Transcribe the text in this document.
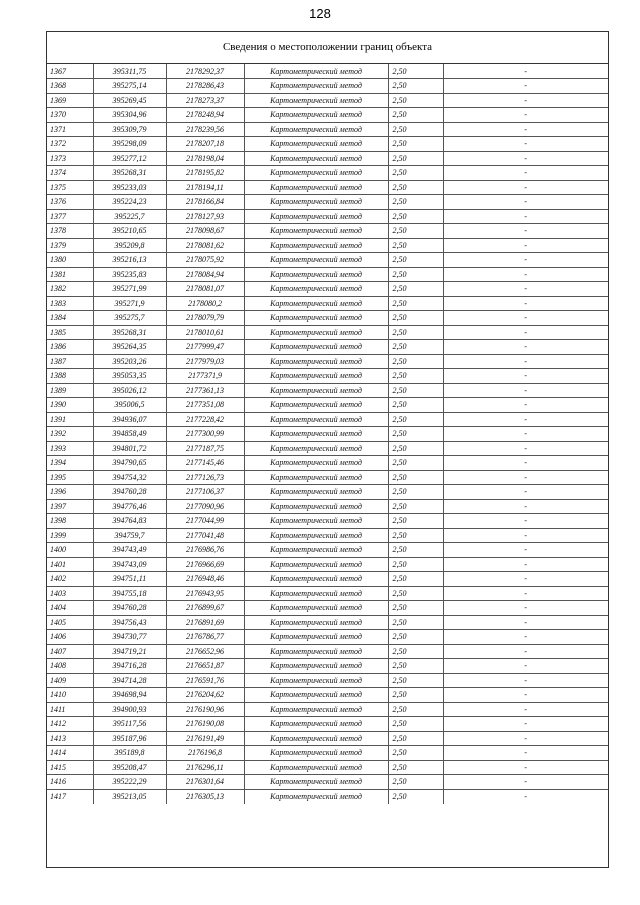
128
Сведения о местоположении границ объекта
1367	395311,75	2178292,37	Картометрический метод	2,50	-
1368	395275,14	2178286,43	Картометрический метод	2,50	-
1369	395269,45	2178273,37	Картометрический метод	2,50	-
1370	395304,96	2178248,94	Картометрический метод	2,50	-
1371	395309,79	2178239,56	Картометрический метод	2,50	-
1372	395298,09	2178207,18	Картометрический метод	2,50	-
1373	395277,12	2178198,04	Картометрический метод	2,50	-
1374	395268,31	2178195,82	Картометрический метод	2,50	-
1375	395233,03	2178194,11	Картометрический метод	2,50	-
1376	395224,23	2178166,84	Картометрический метод	2,50	-
1377	395225,7	2178127,93	Картометрический метод	2,50	-
1378	395210,65	2178098,67	Картометрический метод	2,50	-
1379	395209,8	2178081,62	Картометрический метод	2,50	-
1380	395216,13	2178075,92	Картометрический метод	2,50	-
1381	395235,83	2178084,94	Картометрический метод	2,50	-
1382	395271,99	2178081,07	Картометрический метод	2,50	-
1383	395271,9	2178080,2	Картометрический метод	2,50	-
1384	395275,7	2178079,79	Картометрический метод	2,50	-
1385	395268,31	2178010,61	Картометрический метод	2,50	-
1386	395264,35	2177999,47	Картометрический метод	2,50	-
1387	395203,26	2177979,03	Картометрический метод	2,50	-
1388	395053,35	2177371,9	Картометрический метод	2,50	-
1389	395026,12	2177361,13	Картометрический метод	2,50	-
1390	395006,5	2177351,08	Картометрический метод	2,50	-
1391	394936,07	2177228,42	Картометрический метод	2,50	-
1392	394858,49	2177300,99	Картометрический метод	2,50	-
1393	394801,72	2177187,75	Картометрический метод	2,50	-
1394	394790,65	2177145,46	Картометрический метод	2,50	-
1395	394754,32	2177126,73	Картометрический метод	2,50	-
1396	394760,28	2177106,37	Картометрический метод	2,50	-
1397	394776,46	2177090,96	Картометрический метод	2,50	-
1398	394764,83	2177044,99	Картометрический метод	2,50	-
1399	394759,7	2177041,48	Картометрический метод	2,50	-
1400	394743,49	2176986,76	Картометрический метод	2,50	-
1401	394743,09	2176966,69	Картометрический метод	2,50	-
1402	394751,11	2176948,46	Картометрический метод	2,50	-
1403	394755,18	2176943,95	Картометрический метод	2,50	-
1404	394760,28	2176899,67	Картометрический метод	2,50	-
1405	394756,43	2176891,69	Картометрический метод	2,50	-
1406	394730,77	2176786,77	Картометрический метод	2,50	-
1407	394719,21	2176652,96	Картометрический метод	2,50	-
1408	394716,28	2176651,87	Картометрический метод	2,50	-
1409	394714,28	2176591,76	Картометрический метод	2,50	-
1410	394698,94	2176204,62	Картометрический метод	2,50	-
1411	394900,93	2176190,96	Картометрический метод	2,50	-
1412	395117,56	2176190,08	Картометрический метод	2,50	-
1413	395187,96	2176191,49	Картометрический метод	2,50	-
1414	395189,8	2176196,8	Картометрический метод	2,50	-
1415	395208,47	2176296,11	Картометрический метод	2,50	-
1416	395222,29	2176301,64	Картометрический метод	2,50	-
1417	395213,05	2176305,13	Картометрический метод	2,50	-
